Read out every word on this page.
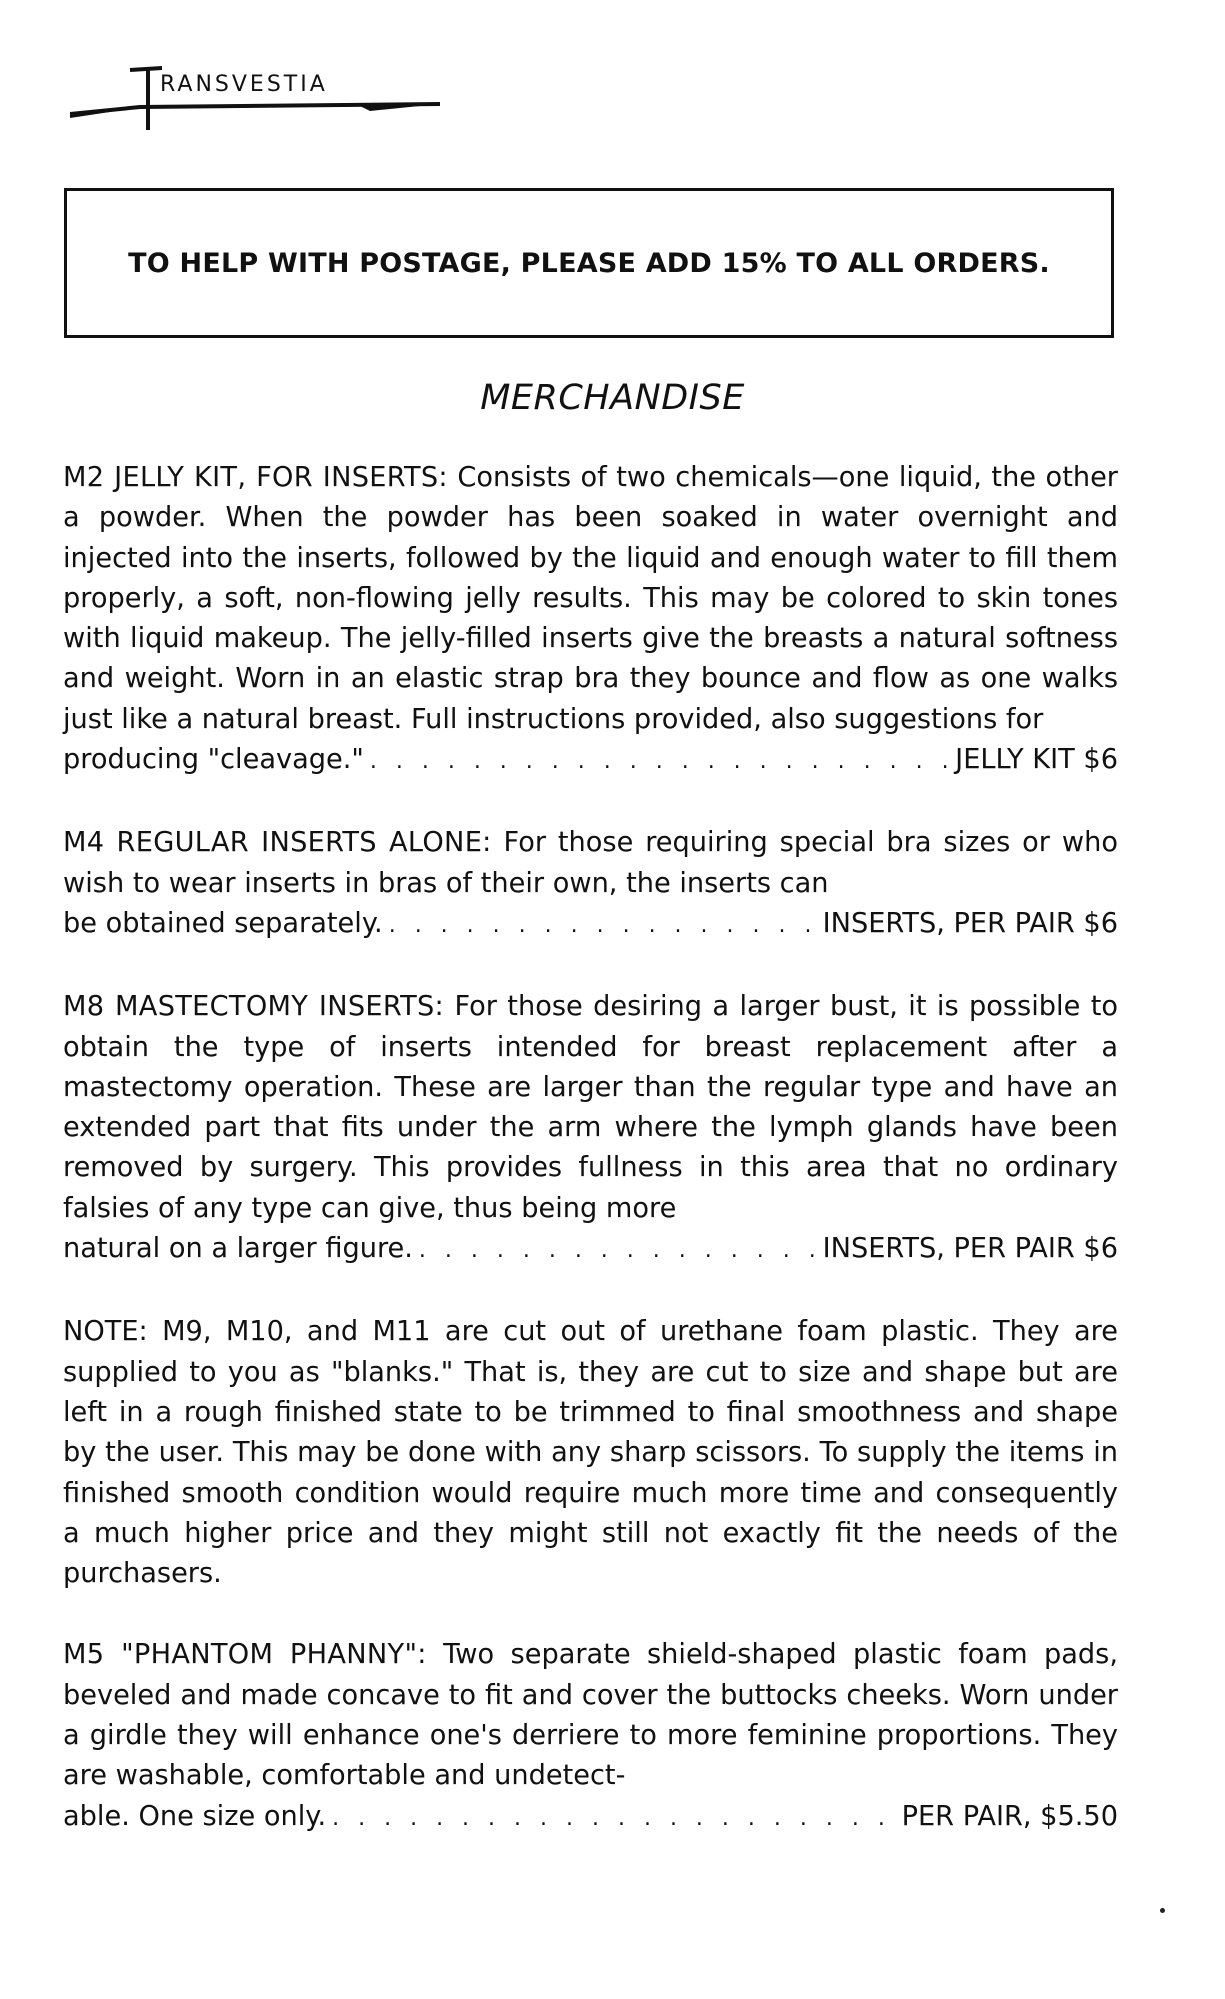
RANSVESTIA
TO HELP WITH POSTAGE, PLEASE ADD 15% TO ALL ORDERS.
MERCHANDISE
M2 JELLY KIT, FOR INSERTS: Consists of two chemicals—one liquid, the other a powder. When the powder has been soaked in water overnight and injected into the inserts, followed by the liquid and enough water to fill them properly, a soft, non-flowing jelly results. This may be colored to skin tones with liquid makeup. The jelly-filled inserts give the breasts a natural softness and weight. Worn in an elastic strap bra they bounce and flow as one walks just like a natural breast. Full instructions provided, also suggestions for
producing "cleavage." . . .	JELLY KIT $6
M4 REGULAR INSERTS ALONE: For those requiring special bra sizes or who wish to wear inserts in bras of their own, the inserts can
be obtained separately. . . .	INSERTS, PER PAIR $6
M8 MASTECTOMY INSERTS: For those desiring a larger bust, it is possible to obtain the type of inserts intended for breast replacement after a mastectomy operation. These are larger than the regular type and have an extended part that fits under the arm where the lymph glands have been removed by surgery. This provides fullness in this area that no ordinary falsies of any type can give, thus being more
natural on a larger figure. . . .	INSERTS, PER PAIR $6
NOTE: M9, M10, and M11 are cut out of urethane foam plastic. They are supplied to you as "blanks." That is, they are cut to size and shape but are left in a rough finished state to be trimmed to final smoothness and shape by the user. This may be done with any sharp scissors. To supply the items in finished smooth condition would require much more time and consequently a much higher price and they might still not exactly fit the needs of the purchasers.
M5 "PHANTOM PHANNY": Two separate shield-shaped plastic foam pads, beveled and made concave to fit and cover the buttocks cheeks. Worn under a girdle they will enhance one's derriere to more feminine proportions. They are washable, comfortable and undetect-
able. One size only. . . .	PER PAIR, $5.50
